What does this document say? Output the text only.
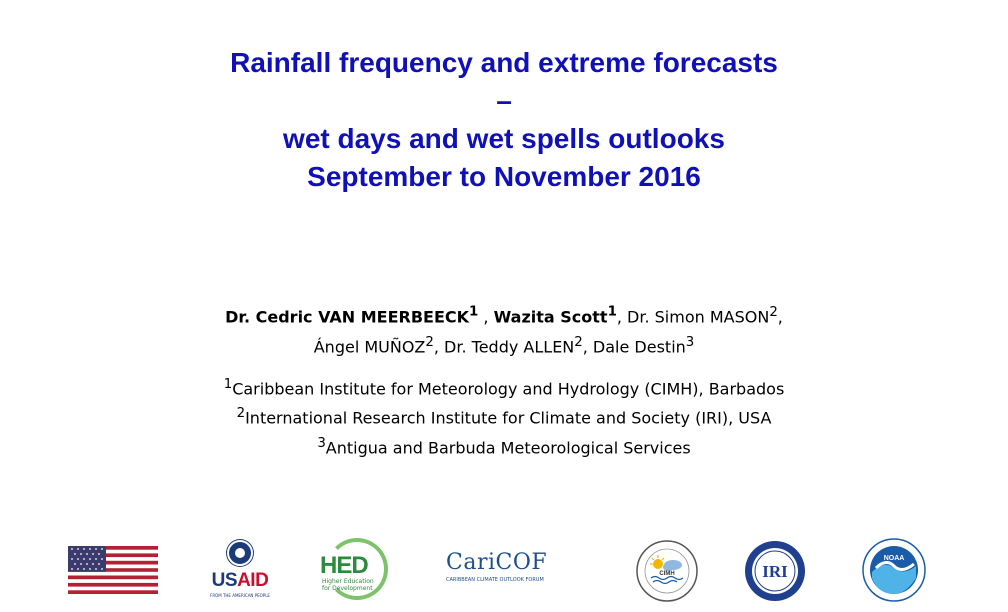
Rainfall frequency and extreme forecasts
–
wet days and wet spells outlooks
September to November 2016
Dr. Cedric VAN MEERBEECK$^1$ , Wazita Scott$^1$, Dr. Simon MASON$^2$,
Ángel MUÑOZ$^2$, Dr. Teddy ALLEN$^2$, Dale Destin$^3$
$^1$Caribbean Institute for Meteorology and Hydrology (CIMH), Barbados
$^2$International Research Institute for Climate and Society (IRI), USA
$^3$Antigua and Barbuda Meteorological Services
USAID
FROM THE AMERICAN PEOPLE
HED
Higher Education
for Development
CariCOF
CARIBBEAN CLIMATE OUTLOOK FORUM
CIMH	IRI
NOAA
